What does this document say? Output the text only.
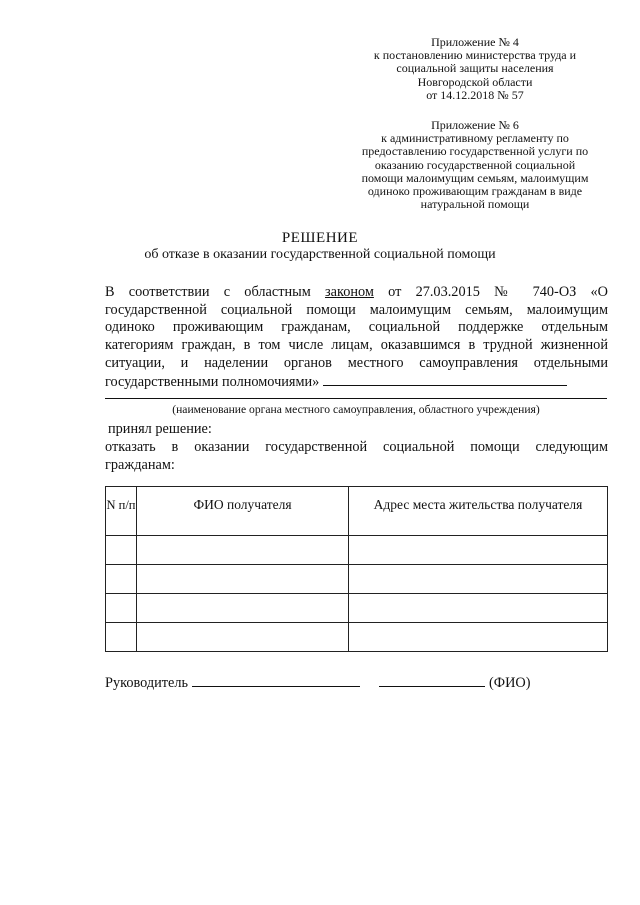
Приложение № 4
к постановлению министерства труда и
социальной защиты населения
Новгородской области
от 14.12.2018 № 57
Приложение № 6
к административному регламенту по
предоставлению государственной услуги по
оказанию государственной социальной
помощи малоимущим семьям, малоимущим
одиноко проживающим гражданам в виде
натуральной помощи
РЕШЕНИЕ
об отказе в оказании государственной социальной помощи
В соответствии с областным законом от 27.03.2015 № 740-ОЗ «О
государственной социальной помощи малоимущим семьям, малоимущим
одиноко проживающим гражданам, социальной поддержке отдельным
категориям граждан, в том числе лицам, оказавшимся в трудной жизненной
ситуации, и наделении органов местного самоуправления отдельными
государственными полномочиями»
(наименование органа местного самоуправления, областного учреждения)
принял решение:
отказать в оказании государственной социальной помощи следующим
гражданам:
N п/п	ФИО получателя	Адрес места жительства получателя

Руководитель	(ФИО)
